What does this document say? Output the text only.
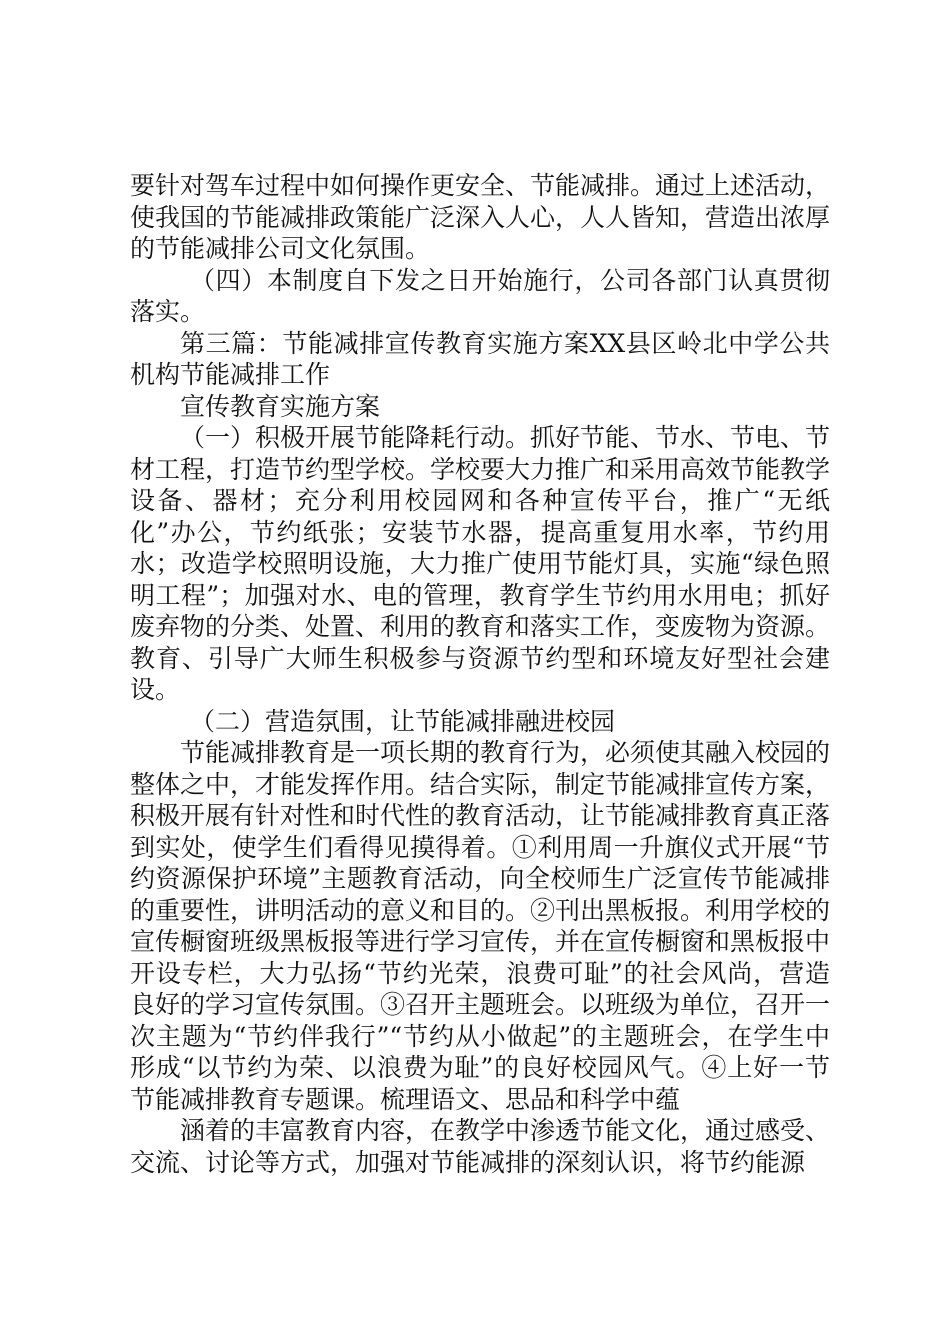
要针对驾车过程中如何操作更安全、节能减排。通过上述活动，使我国的节能减排政策能广泛深入人心，人人皆知，营造出浓厚的节能减排公司文化氛围。

（四）本制度自下发之日开始施行，公司各部门认真贯彻落实。

第三篇：节能减排宣传教育实施方案XX县区岭北中学公共机构节能减排工作

宣传教育实施方案

（一）积极开展节能降耗行动。抓好节能、节水、节电、节材工程，打造节约型学校。学校要大力推广和采用高效节能教学设备、器材；充分利用校园网和各种宣传平台，推广“无纸化”办公，节约纸张；安装节水器，提高重复用水率，节约用水；改造学校照明设施，大力推广使用节能灯具，实施“绿色照明工程”；加强对水、电的管理，教育学生节约用水用电；抓好废弃物的分类、处置、利用的教育和落实工作，变废物为资源。教育、引导广大师生积极参与资源节约型和环境友好型社会建设。

（二）营造氛围，让节能减排融进校园

节能减排教育是一项长期的教育行为，必须使其融入校园的整体之中，才能发挥作用。结合实际，制定节能减排宣传方案，积极开展有针对性和时代性的教育活动，让节能减排教育真正落到实处，使学生们看得见摸得着。①利用周一升旗仪式开展“节约资源保护环境”主题教育活动，向全校师生广泛宣传节能减排的重要性，讲明活动的意义和目的。②刊出黑板报。利用学校的宣传橱窗班级黑板报等进行学习宣传，并在宣传橱窗和黑板报中开设专栏，大力弘扬“节约光荣，浪费可耻”的社会风尚，营造良好的学习宣传氛围。③召开主题班会。以班级为单位，召开一次主题为“节约伴我行”“节约从小做起”的主题班会，在学生中形成“以节约为荣、以浪费为耻”的良好校园风气。④上好一节节能减排教育专题课。梳理语文、思品和科学中蕴

涵着的丰富教育内容，在教学中渗透节能文化，通过感受、交流、讨论等方式，加强对节能减排的深刻认识，将节约能源
